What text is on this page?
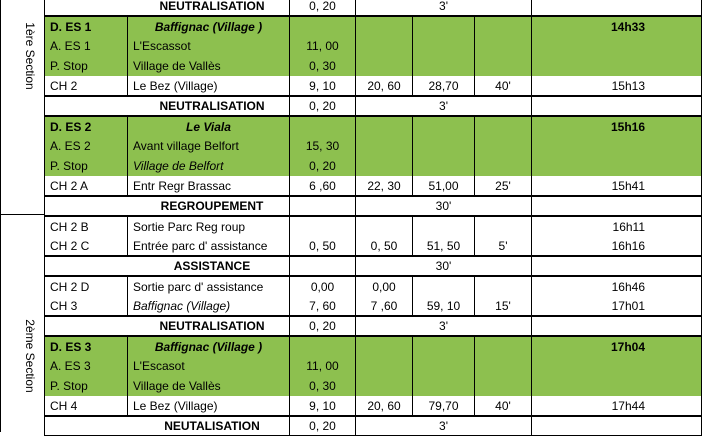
NEUTRALISATION	0, 20	3'
D. ES 1	Baffignac (Village )	14h33
A. ES 1	L'Escassot	11, 00
P. Stop	Village de Vallès	0, 30
CH 2	Le Bez (Village)	9, 10	20, 60	28,70	40'	15h13
NEUTRALISATION	0, 20	3'
D. ES 2	Le Viala	15h16
A. ES 2	Avant village Belfort	15, 30
P. Stop	Village de Belfort	0, 20
CH 2 A	Entr Regr Brassac	6 ,60	22, 30	51,00	25'	15h41
REGROUPEMENT	30'
CH 2 B	Sortie Parc Reg roup	16h11
CH 2 C	Entrée parc d' assistance	0, 50	0, 50	51, 50	5'	16h16
ASSISTANCE	30'
CH 2 D	Sortie parc d' assistance	0,00	0,00	16h46
CH 3	Baffignac (Village)	7, 60	7 ,60	59, 10	15'	17h01
NEUTRALISATION	0, 20	3'
D. ES 3	Baffignac (Village )	17h04
A. ES 3	L'Escasot	11, 00
P. Stop	Village de Vallès	0, 30
CH 4	Le Bez (Village)	9, 10	20, 60	79,70	40'	17h44
NEUTALISATION	0, 20	3'
1ère Section
2ème Section
